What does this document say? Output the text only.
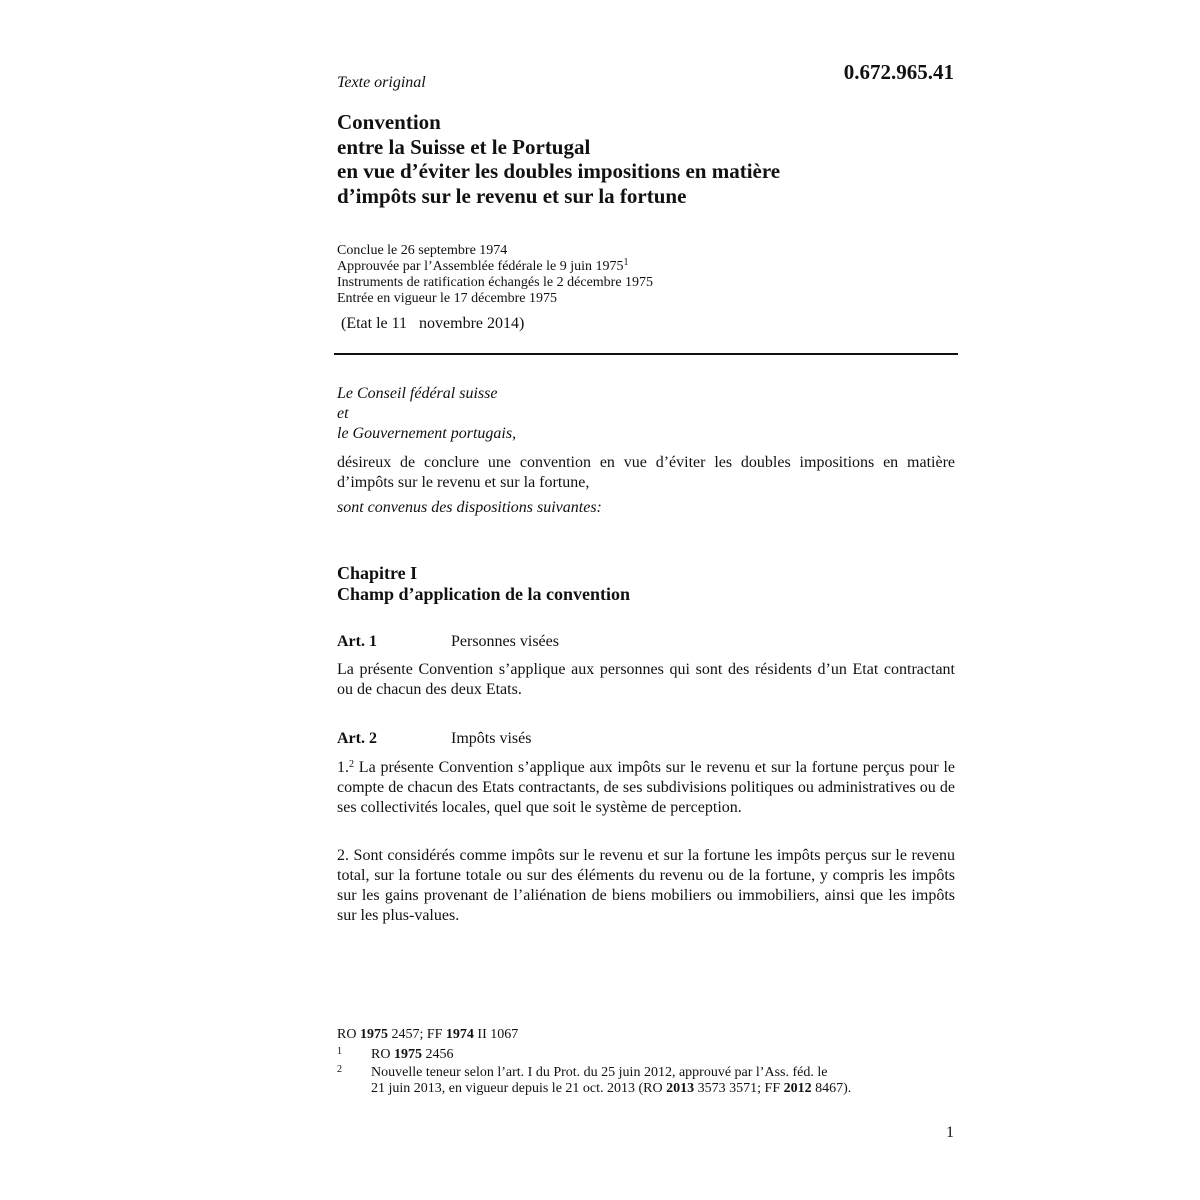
Texte original	0.672.965.41
Convention
entre la Suisse et le Portugal
en vue d’éviter les doubles impositions en matière
d’impôts sur le revenu et sur la fortune
Conclue le 26 septembre 1974
Approuvée par l’Assemblée fédérale le 9 juin 1975$^1$
Instruments de ratification échangés le 2 décembre 1975
Entrée en vigueur le 17 décembre 1975
(Etat le 11   novembre 2014)
Le Conseil fédéral suisse
et
le Gouvernement portugais,

désireux de conclure une convention en vue d’éviter les doubles impositions en matière d’impôts sur le revenu et sur la fortune,

sont convenus des dispositions suivantes:
Chapitre I
Champ d’application de la convention
Art. 1	Personnes visées

La présente Convention s’applique aux personnes qui sont des résidents d’un Etat contractant ou de chacun des deux Etats.

Art. 2	Impôts visés

1.$^2$ La présente Convention s’applique aux impôts sur le revenu et sur la fortune perçus pour le compte de chacun des Etats contractants, de ses subdivisions politiques ou administratives ou de ses collectivités locales, quel que soit le système de perception.

2. Sont considérés comme impôts sur le revenu et sur la fortune les impôts perçus sur le revenu total, sur la fortune totale ou sur des éléments du revenu ou de la fortune, y compris les impôts sur les gains provenant de l’aliénation de biens mobiliers ou immobiliers, ainsi que les impôts sur les plus-values.

RO 1975 2457; FF 1974 II 1067
1 RO 1975 2456
2 Nouvelle teneur selon l’art. I du Prot. du 25 juin 2012, approuvé par l’Ass. féd. le
21 juin 2013, en vigueur depuis le 21 oct. 2013 (RO 2013 3573 3571; FF 2012 8467).
1
